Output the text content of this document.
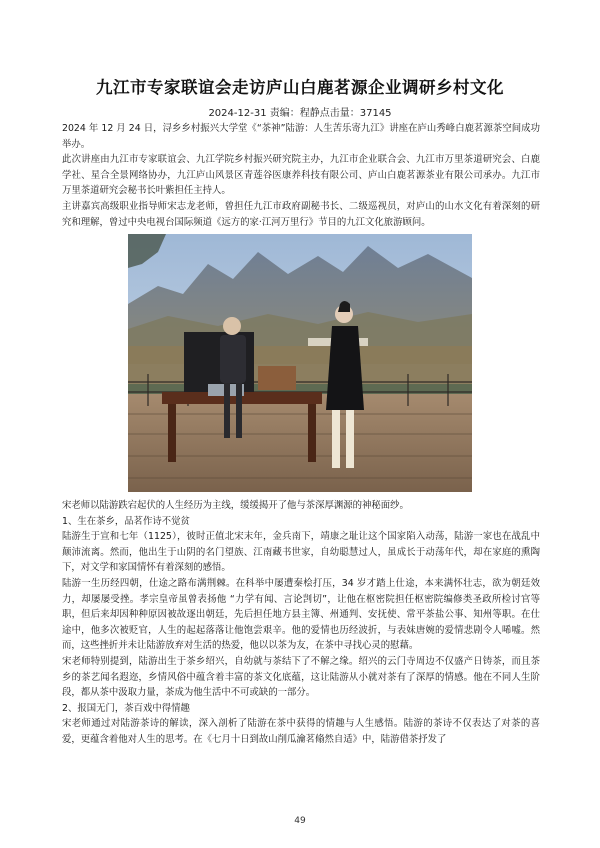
九江市专家联谊会走访庐山白鹿茗源企业调研乡村文化
2024-12-31 责编：程静点击量：37145

2024 年 12 月 24 日，浔乡乡村振兴大学堂《“茶神”陆游：人生苦乐寄九江》讲座在庐山秀峰白鹿茗源茶空间成功举办。

此次讲座由九江市专家联谊会、九江学院乡村振兴研究院主办，九江市企业联合会、九江市万里茶道研究会、白鹿学社、星合全景网络协办，九江庐山风景区青莲谷医康养科技有限公司、庐山白鹿茗源茶业有限公司承办。九江市万里茶道研究会秘书长叶紫担任主持人。

主讲嘉宾高级职业指导师宋志龙老师，曾担任九江市政府副秘书长、二级巡视员，对庐山的山水文化有着深刻的研究和理解，曾过中央电视台国际频道《远方的家·江河万里行》节目的九江文化旅游顾问。

宋老师以陆游跌宕起伏的人生经历为主线，缓缓揭开了他与茶深厚渊源的神秘面纱。

1、生在茶乡，品茗作诗不觉贫

陆游生于宣和七年（1125），彼时正值北宋末年，金兵南下，靖康之耻让这个国家陷入动荡，陆游一家也在战乱中颠沛流离。然而，他出生于山阴的名门望族、江南藏书世家，自幼聪慧过人，虽成长于动荡年代，却在家庭的熏陶下，对文学和家国情怀有着深刻的感悟。

陆游一生历经四朝，仕途之路布满荆棘。在科举中屡遭秦桧打压，34 岁才踏上仕途，本来满怀壮志，欲为朝廷效力，却屡屡受挫。孝宗皇帝虽曾表扬他 “力学有闻、言论剀切”，让他在枢密院担任枢密院编修类圣政所检讨官等职，但后来却因种种原因被故逐出朝廷，先后担任地方县主簿、州通判、安抚使、常平茶盐公事、知州等职。在仕途中，他多次被贬官，人生的起起落落让他饱尝艰辛。他的爱情也历经波折，与表妹唐婉的爱情悲剧令人唏嘘。然而，这些挫折并未让陆游放弃对生活的热爱，他以以茶为友，在茶中寻找心灵的慰藉。

宋老师特别提到，陆游出生于茶乡绍兴，自幼就与茶结下了不解之缘。绍兴的云门寺周边不仅盛产日铸茶，而且茶乡的茶艺闻名遐迩，乡情风俗中蕴含着丰富的茶文化底蕴，这让陆游从小就对茶有了深厚的情感。他在不同人生阶段，都从茶中汲取力量，茶成为他生活中不可或缺的一部分。

2、报国无门，茶百戏中得情趣

宋老师通过对陆游茶诗的解读，深入剖析了陆游在茶中获得的情趣与人生感悟。陆游的茶诗不仅表达了对茶的喜爱，更蕴含着他对人生的思考。在《七月十日到故山削瓜瀹茗翛然自适》中，陆游借茶抒发了

49
